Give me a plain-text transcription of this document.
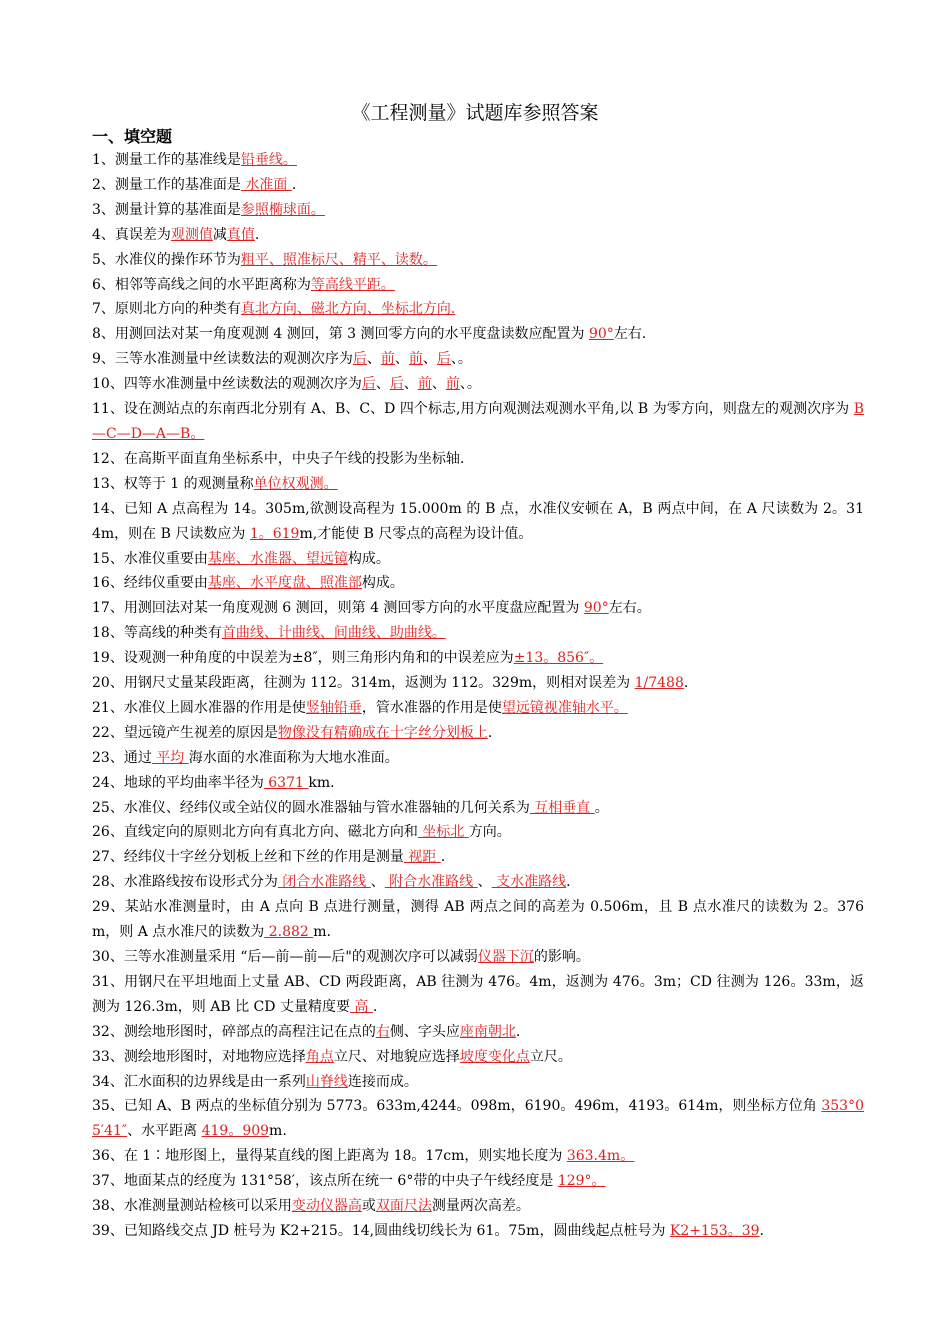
《工程测量》试题库参照答案
一、填空题
1、测量工作的基准线是铅垂线。
2、测量工作的基准面是 水准面 .
3、测量计算的基准面是参照椭球面。
4、真误差为观测值减真值.
5、水准仪的操作环节为粗平、照准标尺、精平、读数。
6、相邻等高线之间的水平距离称为等高线平距。
7、原则北方向的种类有真北方向、磁北方向、坐标北方向.
8、用测回法对某一角度观测 4 测回，第 3 测回零方向的水平度盘读数应配置为 90°左右.
9、三等水准测量中丝读数法的观测次序为后、前、前、后、。
10、四等水准测量中丝读数法的观测次序为后、后、前、前、。
11、设在测站点的东南西北分别有 A、B、C、D 四个标志,用方向观测法观测水平角,以 B 为零方向，则盘左的观测次序为 B—C—D—A—B。
12、在高斯平面直角坐标系中，中央子午线的投影为坐标轴.
13、权等于 1 的观测量称单位权观测。
14、已知 A 点高程为 14。305m,欲测设高程为 15.000m 的 B 点，水准仪安顿在 A，B 两点中间，在 A 尺读数为 2。314m，则在 B 尺读数应为 1。619m,才能使 B 尺零点的高程为设计值。
15、水准仪重要由基座、水准器、望远镜构成。
16、经纬仪重要由基座、水平度盘、照准部构成。
17、用测回法对某一角度观测 6 测回，则第 4 测回零方向的水平度盘应配置为 90°左右。
18、等高线的种类有首曲线、计曲线、间曲线、助曲线。
19、设观测一种角度的中误差为±8″，则三角形内角和的中误差应为±13。856″。
20、用钢尺丈量某段距离，往测为 112。314m，返测为 112。329m，则相对误差为 1/7488.
21、水准仪上圆水准器的作用是使竖轴铅垂，管水准器的作用是使望远镜视准轴水平。
22、望远镜产生视差的原因是物像没有精确成在十字丝分划板上.
23、通过 平均 海水面的水准面称为大地水准面。
24、地球的平均曲率半径为 6371 km.
25、水准仪、经纬仪或全站仪的圆水准器轴与管水准器轴的几何关系为 互相垂直 。
26、直线定向的原则北方向有真北方向、磁北方向和 坐标北 方向。
27、经纬仪十字丝分划板上丝和下丝的作用是测量 视距 .
28、水准路线按布设形式分为 闭合水准路线 、 附合水准路线 、 支水准路线.
29、某站水准测量时，由 A 点向 B 点进行测量，测得 AB 两点之间的高差为 0.506m，且 B 点水准尺的读数为 2。376m，则 A 点水准尺的读数为 2.882 m.
30、三等水准测量采用 “后—前—前—后"的观测次序可以减弱仪器下沉的影响。
31、用钢尺在平坦地面上丈量 AB、CD 两段距离，AB 往测为 476。4m，返测为 476。3m；CD 往测为 126。33m，返测为 126.3m，则 AB 比 CD 丈量精度要 高 .
32、测绘地形图时，碎部点的高程注记在点的右侧、字头应座南朝北.
33、测绘地形图时，对地物应选择角点立尺、对地貌应选择坡度变化点立尺。
34、汇水面积的边界线是由一系列山脊线连接而成。
35、已知 A、B 两点的坐标值分别为 5773。633m,4244。098m，6190。496m，4193。614m，则坐标方位角 353°05′41″、水平距离 419。909m.
36、在 1∶地形图上，量得某直线的图上距离为 18。17cm，则实地长度为 363.4m。
37、地面某点的经度为 131°58′，该点所在统一 6°带的中央子午线经度是 129°。
38、水准测量测站检核可以采用变动仪器高或双面尺法测量两次高差。
39、已知路线交点 JD 桩号为 K2+215。14,圆曲线切线长为 61。75m，圆曲线起点桩号为 K2+153。39.
